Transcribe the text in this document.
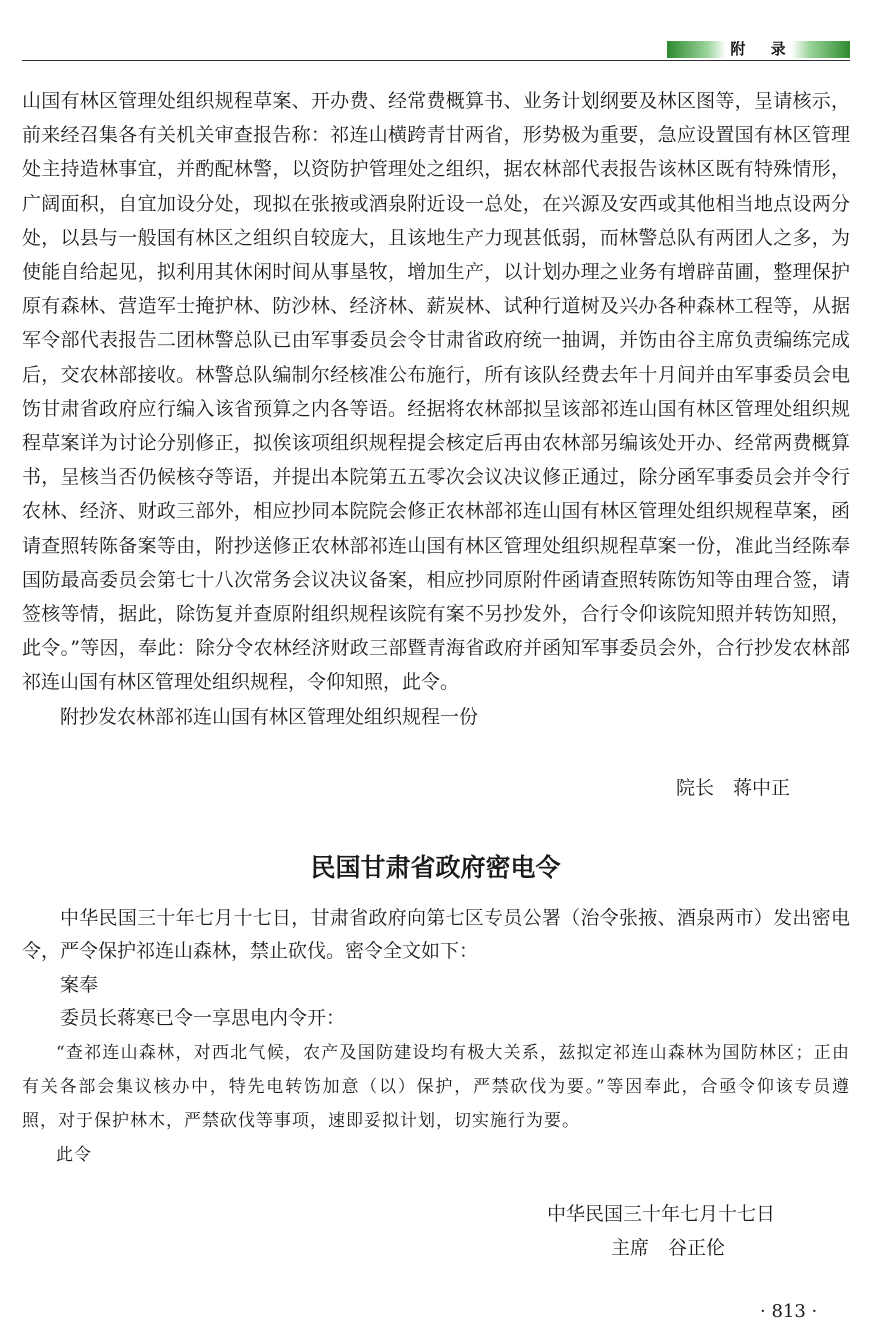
附 录

山国有林区管理处组织规程草案、开办费、经常费概算书、业务计划纲要及林区图等，呈请核示，前来经召集各有关机关审查报告称：祁连山横跨青甘两省，形势极为重要，急应设置国有林区管理处主持造林事宜，并酌配林警，以资防护管理处之组织，据农林部代表报告该林区既有特殊情形，广阔面积，自宜加设分处，现拟在张掖或酒泉附近设一总处，在兴源及安西或其他相当地点设两分处，以县与一般国有林区之组织自较庞大，且该地生产力现甚低弱，而林警总队有两团人之多，为使能自给起见，拟利用其休闲时间从事垦牧，增加生产，以计划办理之业务有增辟苗圃，整理保护原有森林、营造军士掩护林、防沙林、经济林、薪炭林、试种行道树及兴办各种森林工程等，从据军令部代表报告二团林警总队已由军事委员会令甘肃省政府统一抽调，并饬由谷主席负责编练完成后，交农林部接收。林警总队编制尔经核准公布施行，所有该队经费去年十月间并由军事委员会电饬甘肃省政府应行编入该省预算之内各等语。经据将农林部拟呈该部祁连山国有林区管理处组织规程草案详为讨论分别修正，拟俟该项组织规程提会核定后再由农林部另编该处开办、经常两费概算书，呈核当否仍候核夺等语，并提出本院第五五零次会议决议修正通过，除分函军事委员会并令行农林、经济、财政三部外，相应抄同本院院会修正农林部祁连山国有林区管理处组织规程草案，函请查照转陈备案等由，附抄送修正农林部祁连山国有林区管理处组织规程草案一份，准此当经陈奉国防最高委员会第七十八次常务会议决议备案，相应抄同原附件函请查照转陈饬知等由理合签，请签核等情，据此，除饬复并查原附组织规程该院有案不另抄发外，合行令仰该院知照并转饬知照，此令。”等因，奉此：除分令农林经济财政三部暨青海省政府并函知军事委员会外，合行抄发农林部祁连山国有林区管理处组织规程，令仰知照，此令。

附抄发农林部祁连山国有林区管理处组织规程一份

院长　蒋中正
民国甘肃省政府密电令

中华民国三十年七月十七日，甘肃省政府向第七区专员公署（治令张掖、酒泉两市）发出密电令，严令保护祁连山森林，禁止砍伐。密令全文如下：

案奉

委员长蒋寒已令一享思电内令开：

“查祁连山森林，对西北气候，农产及国防建设均有极大关系，兹拟定祁连山森林为国防林区；正由有关各部会集议核办中，特先电转饬加意（以）保护，严禁砍伐为要。”等因奉此，合亟令仰该专员遵照，对于保护林木，严禁砍伐等事项，速即妥拟计划，切实施行为要。

此令

中华民国三十年七月十七日
主席　谷正伦
· 813 ·
